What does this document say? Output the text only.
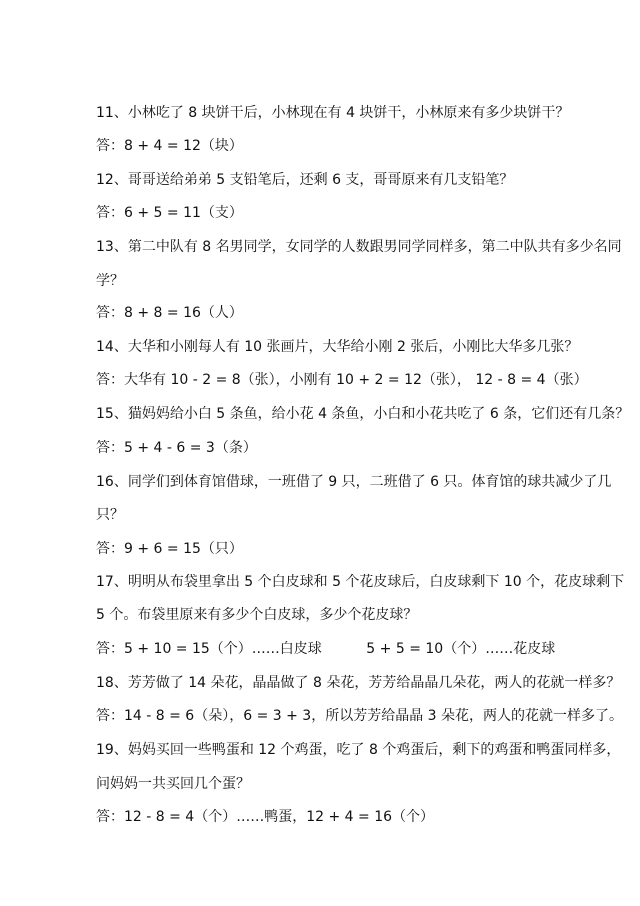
11、小林吃了 8 块饼干后，小林现在有 4 块饼干，小林原来有多少块饼干？
答：8 + 4 = 12（块）
12、哥哥送给弟弟 5 支铅笔后，还剩 6 支，哥哥原来有几支铅笔？
答：6 + 5 = 11（支）
13、第二中队有 8 名男同学，女同学的人数跟男同学同样多，第二中队共有多少名同
学？
答：8 + 8 = 16（人）
14、大华和小刚每人有 10 张画片，大华给小刚 2 张后，小刚比大华多几张？
答：大华有 10 - 2 = 8（张），小刚有 10 + 2 = 12（张）， 12 - 8 = 4（张）
15、猫妈妈给小白 5 条鱼，给小花 4 条鱼，小白和小花共吃了 6 条，它们还有几条？
答：5 + 4 - 6 = 3（条）
16、同学们到体育馆借球，一班借了 9 只，二班借了 6 只。体育馆的球共减少了几
只？
答：9 + 6 = 15（只）
17、明明从布袋里拿出 5 个白皮球和 5 个花皮球后，白皮球剩下 10 个，花皮球剩下
5 个。布袋里原来有多少个白皮球，多少个花皮球？
答：5 + 10 = 15（个）……白皮球          5 + 5 = 10（个）……花皮球
18、芳芳做了 14 朵花，晶晶做了 8 朵花，芳芳给晶晶几朵花，两人的花就一样多？
答：14 - 8 = 6（朵），6 = 3 + 3，所以芳芳给晶晶 3 朵花，两人的花就一样多了。
19、妈妈买回一些鸭蛋和 12 个鸡蛋，吃了 8 个鸡蛋后，剩下的鸡蛋和鸭蛋同样多，
问妈妈一共买回几个蛋？
答：12 - 8 = 4（个）……鸭蛋，12 + 4 = 16（个）
